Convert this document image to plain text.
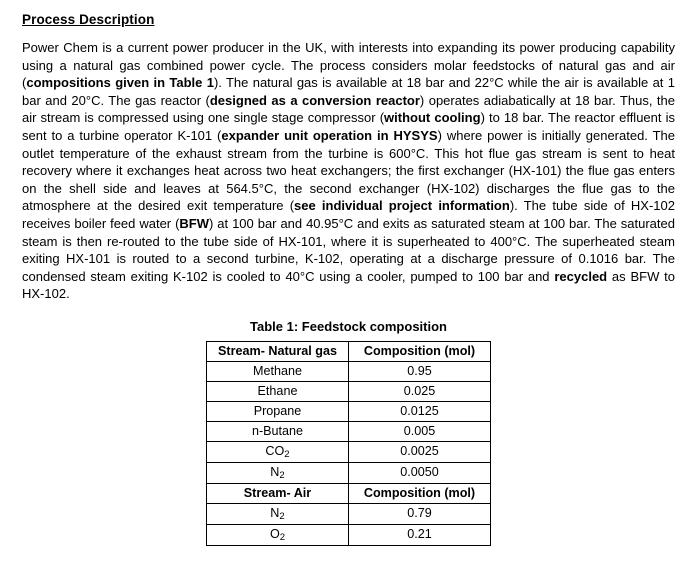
Process Description

Power Chem is a current power producer in the UK, with interests into expanding its power producing capability using a natural gas combined power cycle. The process considers molar feedstocks of natural gas and air (compositions given in Table 1). The natural gas is available at 18 bar and 22°C while the air is available at 1 bar and 20°C. The gas reactor (designed as a conversion reactor) operates adiabatically at 18 bar. Thus, the air stream is compressed using one single stage compressor (without cooling) to 18 bar. The reactor effluent is sent to a turbine operator K-101 (expander unit operation in HYSYS) where power is initially generated. The outlet temperature of the exhaust stream from the turbine is 600°C. This hot flue gas stream is sent to heat recovery where it exchanges heat across two heat exchangers; the first exchanger (HX-101) the flue gas enters on the shell side and leaves at 564.5°C, the second exchanger (HX-102) discharges the flue gas to the atmosphere at the desired exit temperature (see individual project information). The tube side of HX-102 receives boiler feed water (BFW) at 100 bar and 40.95°C and exits as saturated steam at 100 bar. The saturated steam is then re-routed to the tube side of HX-101, where it is superheated to 400°C. The superheated steam exiting HX-101 is routed to a second turbine, K-102, operating at a discharge pressure of 0.1016 bar. The condensed steam exiting K-102 is cooled to 40°C using a cooler, pumped to 100 bar and recycled as BFW to HX-102.

Table 1: Feedstock composition
Stream- Natural gas	Composition (mol)
Methane	0.95
Ethane	0.025
Propane	0.0125
n-Butane	0.005
$CO_2$	0.0025
$N_2$	0.0050
Stream- Air	Composition (mol)
$N_2$	0.79
$O_2$	0.21
